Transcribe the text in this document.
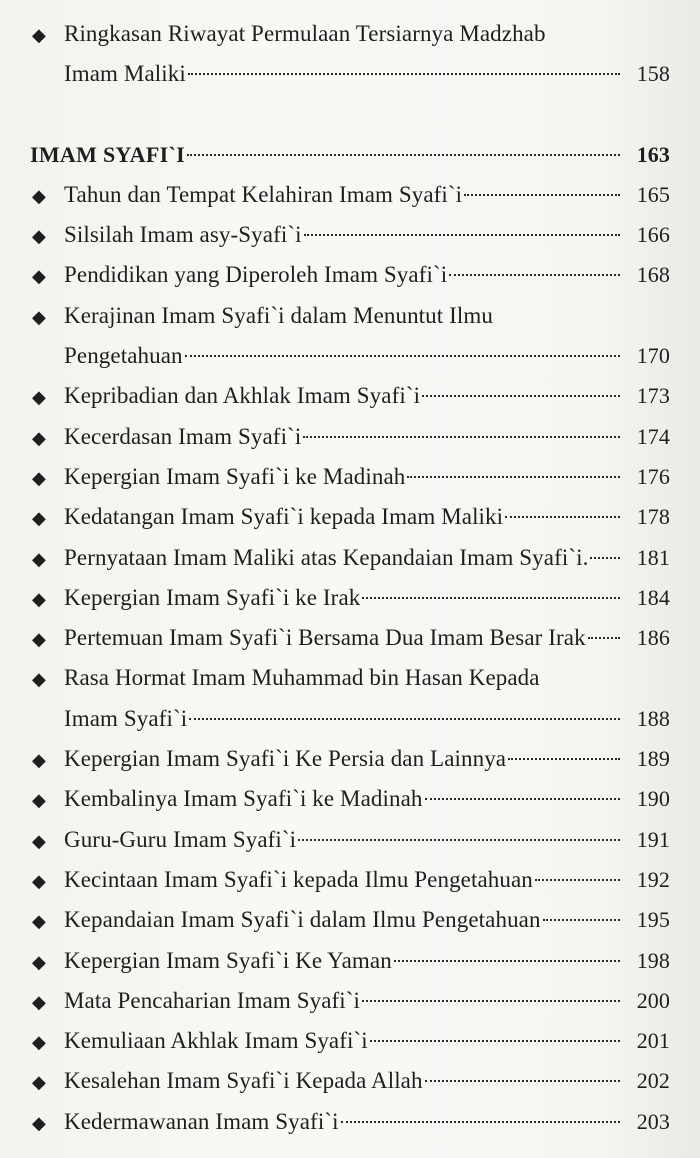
◆ Ringkasan Riwayat Permulaan Tersiarnya Madzhab
Imam Maliki	158
IMAM SYAFI`I	163
◆ Tahun dan Tempat Kelahiran Imam Syafi`i	165
◆ Silsilah Imam asy-Syafi`i	166
◆ Pendidikan yang Diperoleh Imam Syafi`i	168
◆ Kerajinan Imam Syafi`i dalam Menuntut Ilmu
Pengetahuan	170
◆ Kepribadian dan Akhlak Imam Syafi`i	173
◆ Kecerdasan Imam Syafi`i	174
◆ Kepergian Imam Syafi`i ke Madinah	176
◆ Kedatangan Imam Syafi`i kepada Imam Maliki	178
◆ Pernyataan Imam Maliki atas Kepandaian Imam Syafi`i.	181
◆ Kepergian Imam Syafi`i ke Irak	184
◆ Pertemuan Imam Syafi`i Bersama Dua Imam Besar Irak	186
◆ Rasa Hormat Imam Muhammad bin Hasan Kepada
Imam Syafi`i	188
◆ Kepergian Imam Syafi`i Ke Persia dan Lainnya	189
◆ Kembalinya Imam Syafi`i ke Madinah	190
◆ Guru-Guru Imam Syafi`i	191
◆ Kecintaan Imam Syafi`i kepada Ilmu Pengetahuan	192
◆ Kepandaian Imam Syafi`i dalam Ilmu Pengetahuan	195
◆ Kepergian Imam Syafi`i Ke Yaman	198
◆ Mata Pencaharian Imam Syafi`i	200
◆ Kemuliaan Akhlak Imam Syafi`i	201
◆ Kesalehan Imam Syafi`i Kepada Allah	202
◆ Kedermawanan Imam Syafi`i	203
